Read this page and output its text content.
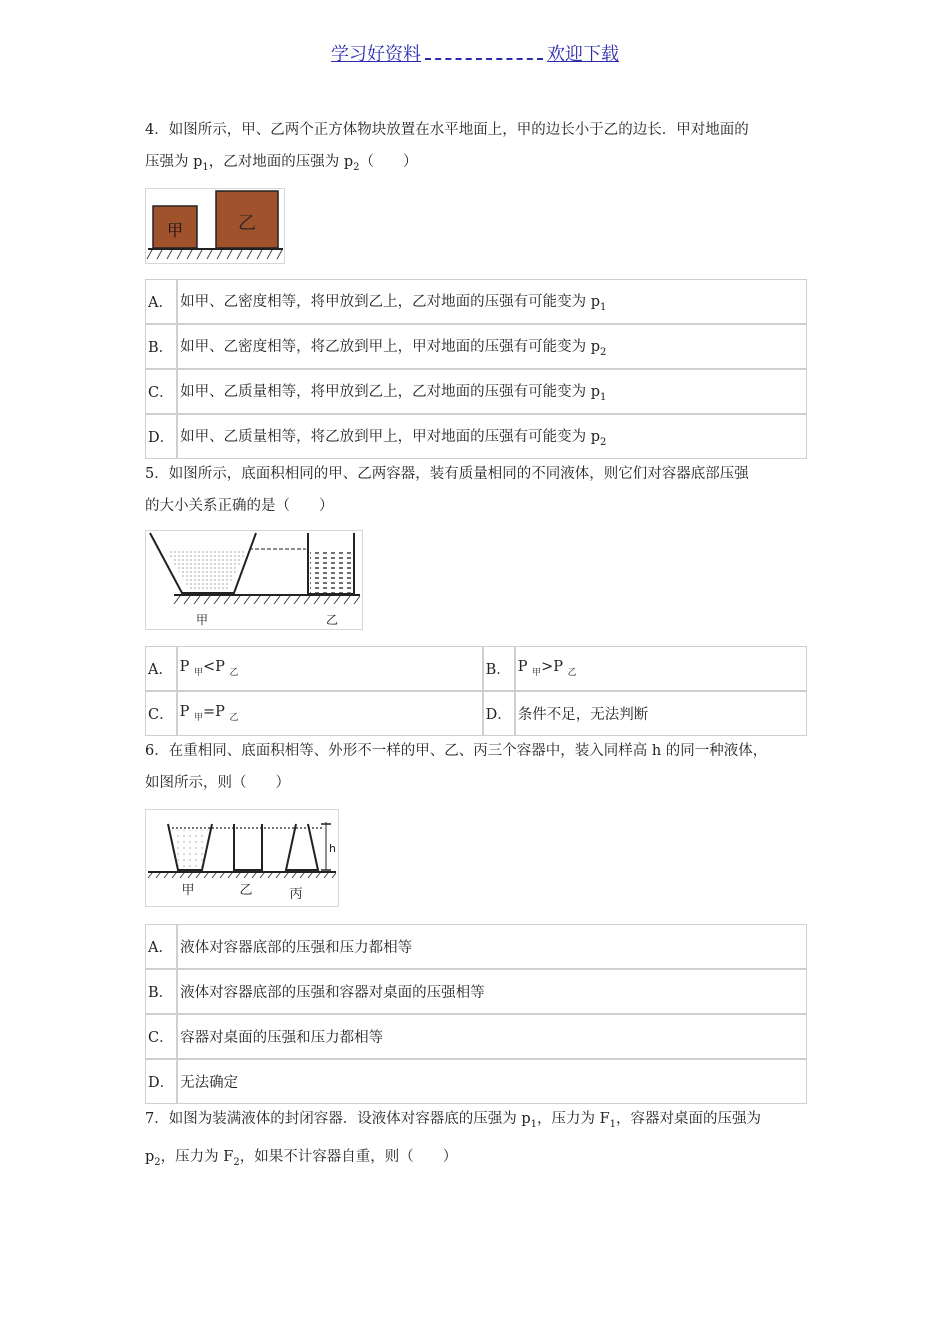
学习好资料	欢迎下载
4．如图所示，甲、乙两个正方体物块放置在水平地面上，甲的边长小于乙的边长．甲对地面的
压强为 $p_1$，乙对地面的压强为 $p_2$（　　）
甲	乙
A．	如甲、乙密度相等，将甲放到乙上，乙对地面的压强有可能变为 $p_1$
B．	如甲、乙密度相等，将乙放到甲上，甲对地面的压强有可能变为 $p_2$
C．	如甲、乙质量相等，将甲放到乙上，乙对地面的压强有可能变为 $p_1$
D．	如甲、乙质量相等，将乙放到甲上，甲对地面的压强有可能变为 $p_2$
5．如图所示，底面积相同的甲、乙两容器，装有质量相同的不同液体，则它们对容器底部压强
的大小关系正确的是（　　）
甲	乙
A．	P $_甲$<P $_乙$	B．	P $_甲$>P $_乙$
C．	P $_甲$=P $_乙$	D．	条件不足，无法判断
6．在重相同、底面积相等、外形不一样的甲、乙、丙三个容器中，装入同样高 h 的同一种液体，
如图所示，则（　　）
h
甲	乙	丙
A．	液体对容器底部的压强和压力都相等
B．	液体对容器底部的压强和容器对桌面的压强相等
C．	容器对桌面的压强和压力都相等
D．	无法确定
7．如图为装满液体的封闭容器．设液体对容器底的压强为 $p_1$，压力为 $F_1$，容器对桌面的压强为
$p_2$，压力为 $F_2$，如果不计容器自重，则（　　）
